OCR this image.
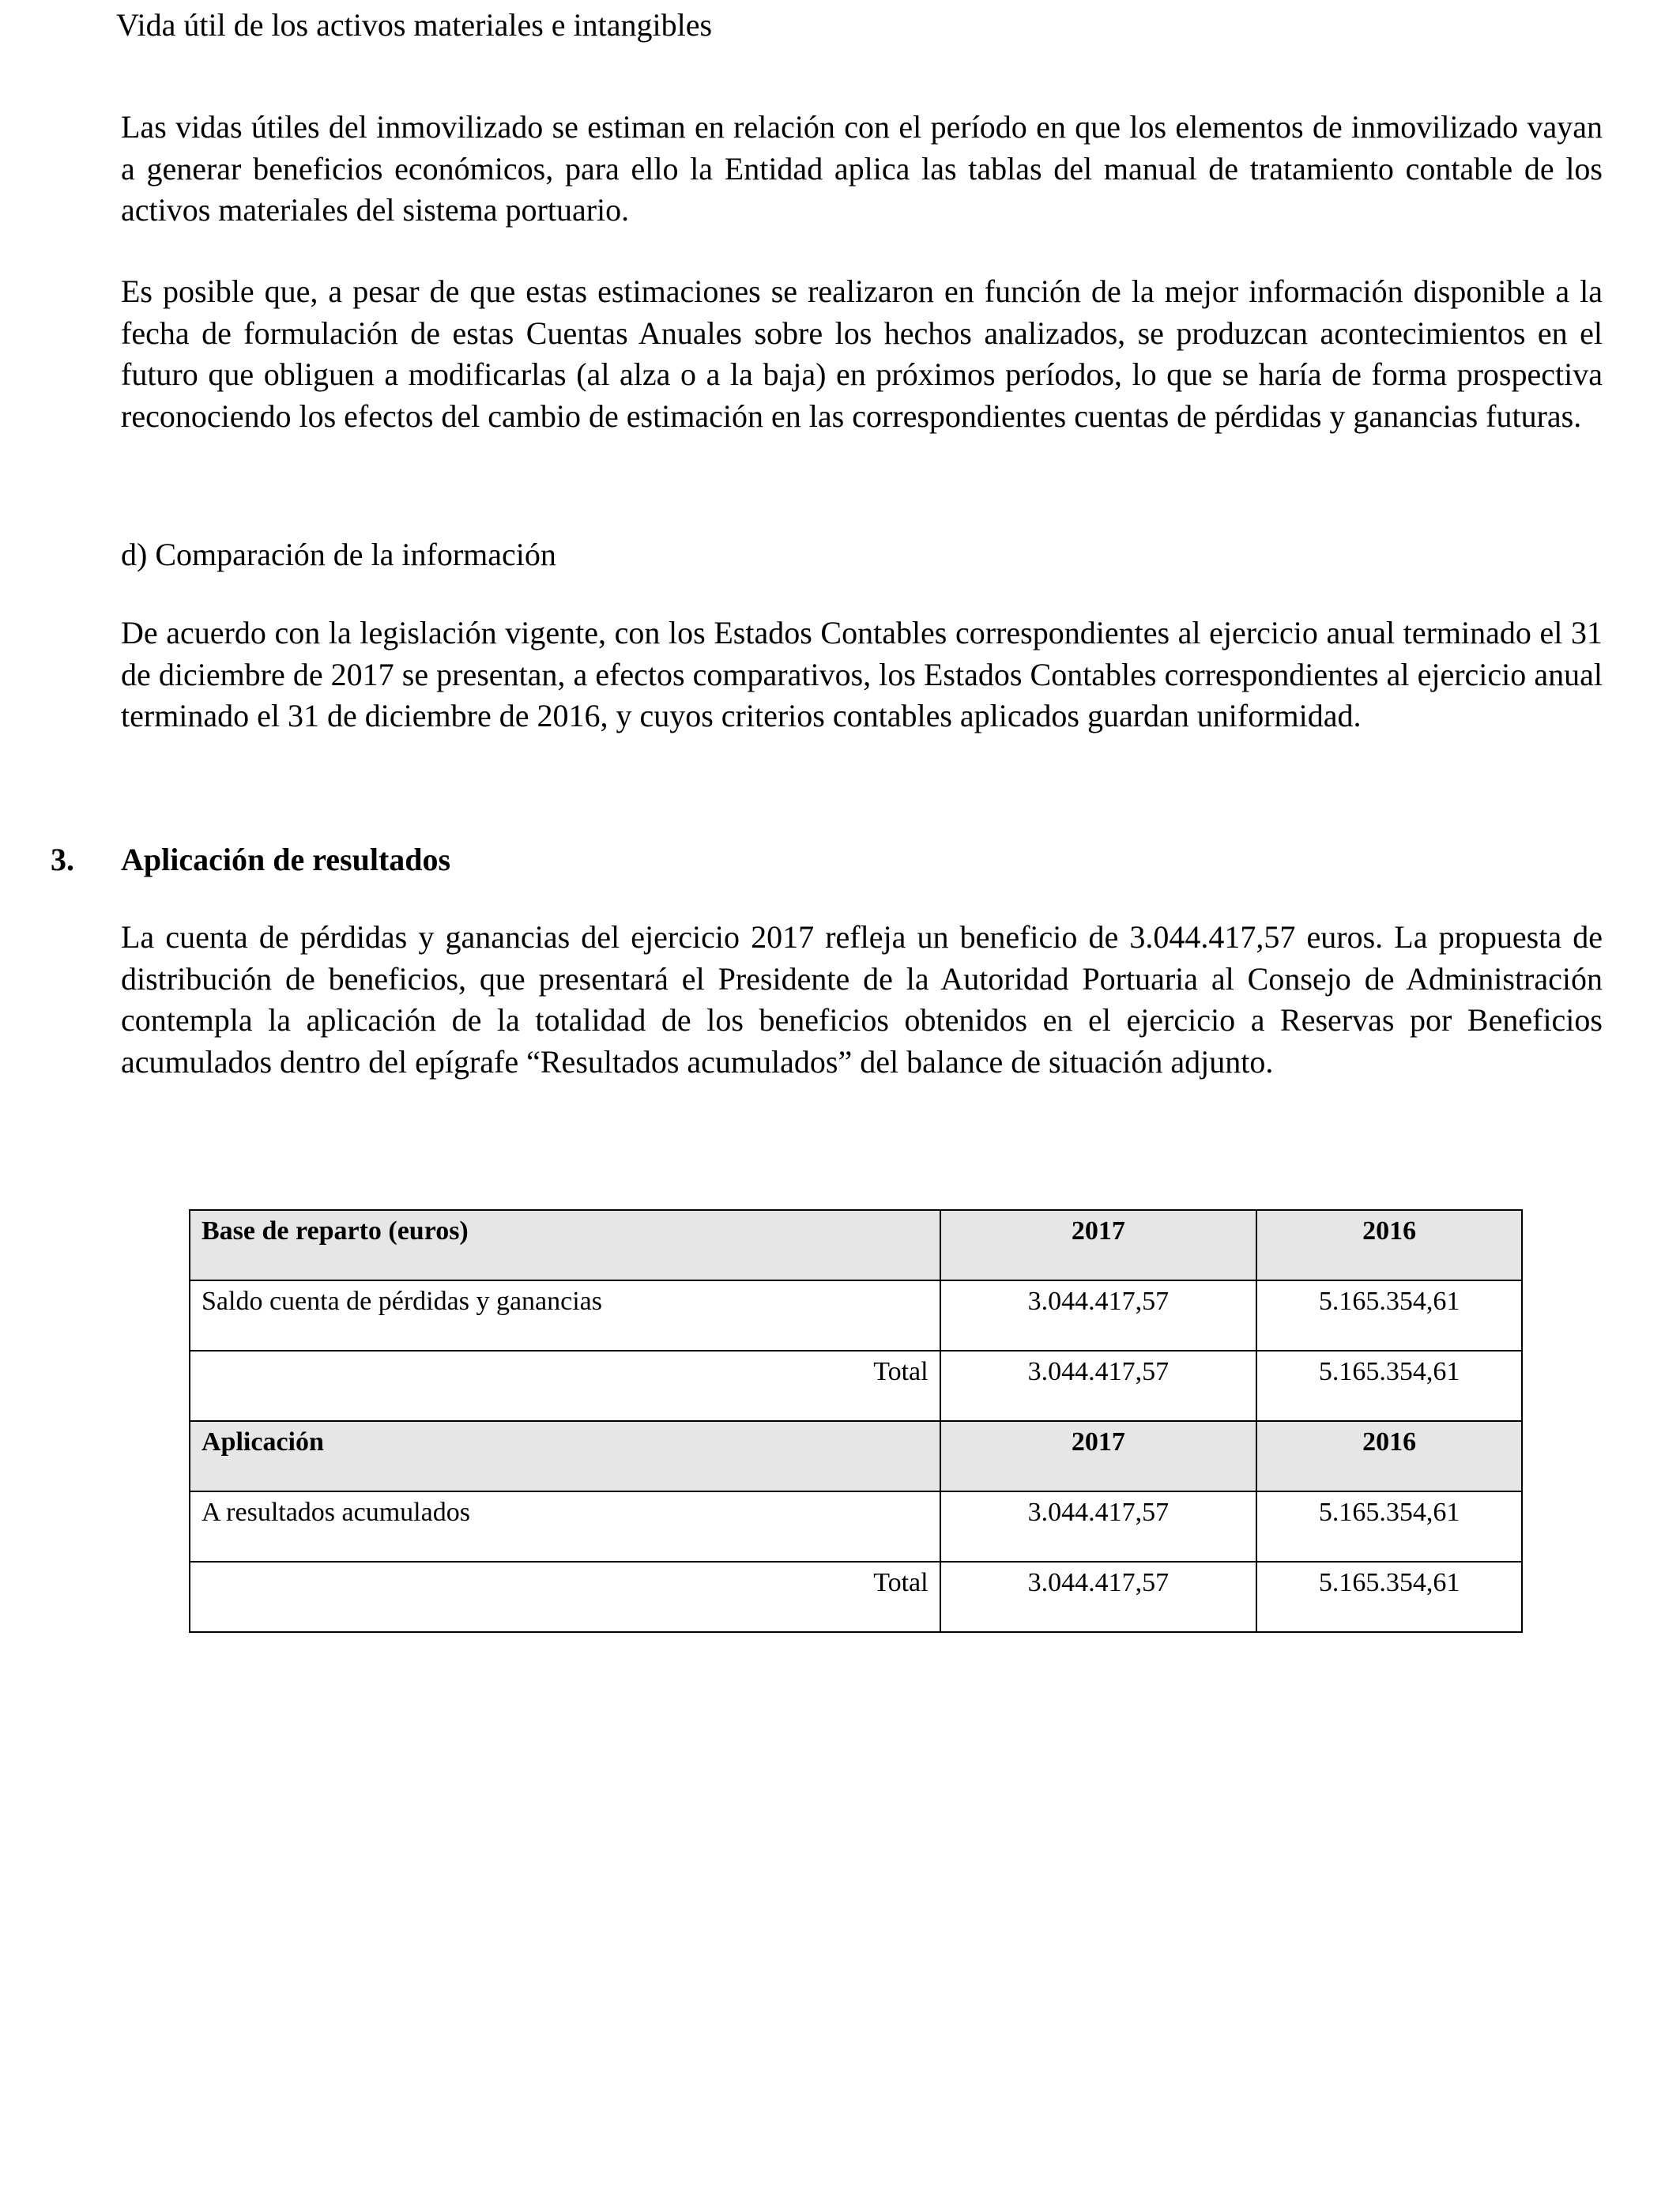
Vida útil de los activos materiales e intangibles

Las vidas útiles del inmovilizado se estiman en relación con el período en que los elementos de inmovilizado vayan a generar beneficios económicos, para ello la Entidad aplica las tablas del manual de tratamiento contable de los activos materiales del sistema portuario.

Es posible que, a pesar de que estas estimaciones se realizaron en función de la mejor información disponible a la fecha de formulación de estas Cuentas Anuales sobre los hechos analizados, se produzcan acontecimientos en el futuro que obliguen a modificarlas (al alza o a la baja) en próximos períodos, lo que se haría de forma prospectiva reconociendo los efectos del cambio de estimación en las correspondientes cuentas de pérdidas y ganancias futuras.

d) Comparación de la información

De acuerdo con la legislación vigente, con los Estados Contables correspondientes al ejercicio anual terminado el 31 de diciembre de 2017 se presentan, a efectos comparativos, los Estados Contables correspondientes al ejercicio anual terminado el 31 de diciembre de 2016, y cuyos criterios contables aplicados guardan uniformidad.

3. Aplicación de resultados

La cuenta de pérdidas y ganancias del ejercicio 2017 refleja un beneficio de 3.044.417,57 euros. La propuesta de distribución de beneficios, que presentará el Presidente de la Autoridad Portuaria al Consejo de Administración contempla la aplicación de la totalidad de los beneficios obtenidos en el ejercicio a Reservas por Beneficios acumulados dentro del epígrafe “Resultados acumulados” del balance de situación adjunto.

Base de reparto (euros)	2017	2016
Saldo cuenta de pérdidas y ganancias	3.044.417,57	5.165.354,61
Total	3.044.417,57	5.165.354,61
Aplicación	2017	2016
A resultados acumulados	3.044.417,57	5.165.354,61
Total	3.044.417,57	5.165.354,61
